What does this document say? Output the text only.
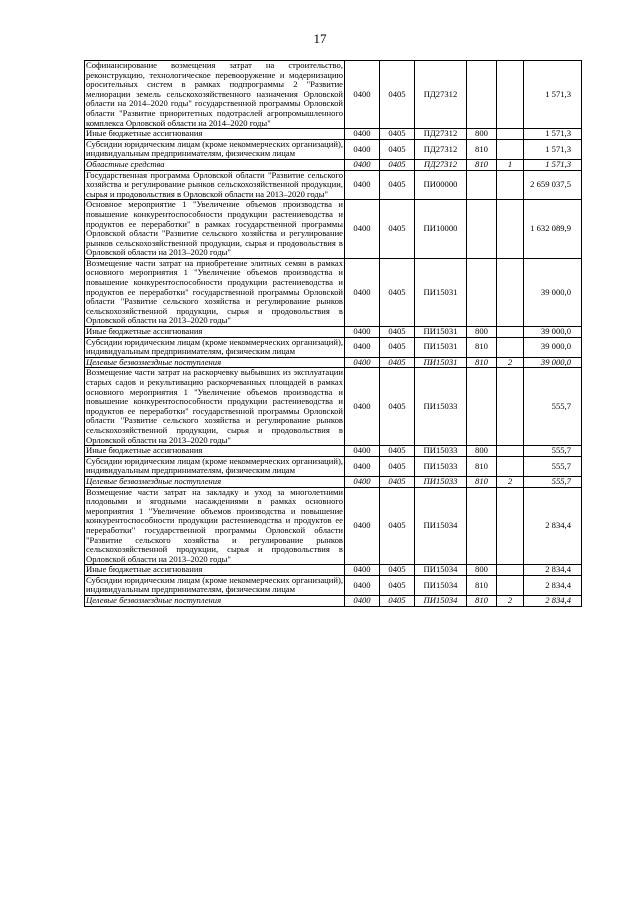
17
Софинансирование возмещения затрат на строительство, реконструкцию, технологическое перевооружение и модернизацию оросительных систем в рамках подпрограммы 2 "Развитие мелиорации земель сельскохозяйственного назначения Орловской области на 2014–2020 годы" государственной программы Орловской области "Развитие приоритетных подотраслей агропромышленного комплекса Орловской области на 2014–2020 годы"	0400	0405	ПД27312			1 571,3
Иные бюджетные ассигнования	0400	0405	ПД27312	800		1 571,3
Субсидии юридическим лицам (кроме некоммерческих организаций), индивидуальным предпринимателям, физическим лицам	0400	0405	ПД27312	810		1 571,3
Областные средства	0400	0405	ПД27312	810	1	1 571,3
Государственная программа Орловской области "Развитие сельского хозяйства и регулирование рынков сельскохозяйственной продукции, сырья и продовольствия в Орловской области на 2013–2020 годы"	0400	0405	ПИ00000			2 659 037,5
Основное мероприятие 1 "Увеличение объемов производства и повышение конкурентоспособности продукции растениеводства и продуктов ее переработки" в рамках государственной программы Орловской области "Развитие сельского хозяйства и регулирование рынков сельскохозяйственной продукции, сырья и продовольствия в Орловской области на 2013–2020 годы"	0400	0405	ПИ10000			1 632 089,9
Возмещение части затрат на приобретение элитных семян в рамках основного мероприятия 1 "Увеличение объемов производства и повышение конкурентоспособности продукции растениеводства и продуктов ее переработки" государственной программы Орловской области "Развитие сельского хозяйства и регулирование рынков сельскохозяйственной продукции, сырья и продовольствия в Орловской области на 2013–2020 годы"	0400	0405	ПИ15031			39 000,0
Иные бюджетные ассигнования	0400	0405	ПИ15031	800		39 000,0
Субсидии юридическим лицам (кроме некоммерческих организаций), индивидуальным предпринимателям, физическим лицам	0400	0405	ПИ15031	810		39 000,0
Целевые безвозмездные поступления	0400	0405	ПИ15031	810	2	39 000,0
Возмещение части затрат на раскорчевку выбывших из эксплуатации старых садов и рекультивацию раскорчеванных площадей в рамках основного мероприятия 1 "Увеличение объемов производства и повышение конкурентоспособности продукции растениеводства и продуктов ее переработки" государственной программы Орловской области "Развитие сельского хозяйства и регулирование рынков сельскохозяйственной продукции, сырья и продовольствия в Орловской области на 2013–2020 годы"	0400	0405	ПИ15033			555,7
Иные бюджетные ассигнования	0400	0405	ПИ15033	800		555,7
Субсидии юридическим лицам (кроме некоммерческих организаций), индивидуальным предпринимателям, физическим лицам	0400	0405	ПИ15033	810		555,7
Целевые безвозмездные поступления	0400	0405	ПИ15033	810	2	555,7
Возмещение части затрат на закладку и уход за многолетними плодовыми и ягодными насаждениями в рамках основного мероприятия 1 "Увеличение объемов производства и повышение конкурентоспособности продукции растениеводства и продуктов ее переработки" государственной программы Орловской области "Развитие сельского хозяйства и регулирование рынков сельскохозяйственной продукции, сырья и продовольствия в Орловской области на 2013–2020 годы"	0400	0405	ПИ15034			2 834,4
Иные бюджетные ассигнования	0400	0405	ПИ15034	800		2 834,4
Субсидии юридическим лицам (кроме некоммерческих организаций), индивидуальным предпринимателям, физическим лицам	0400	0405	ПИ15034	810		2 834,4
Целевые безвозмездные поступления	0400	0405	ПИ15034	810	2	2 834,4
